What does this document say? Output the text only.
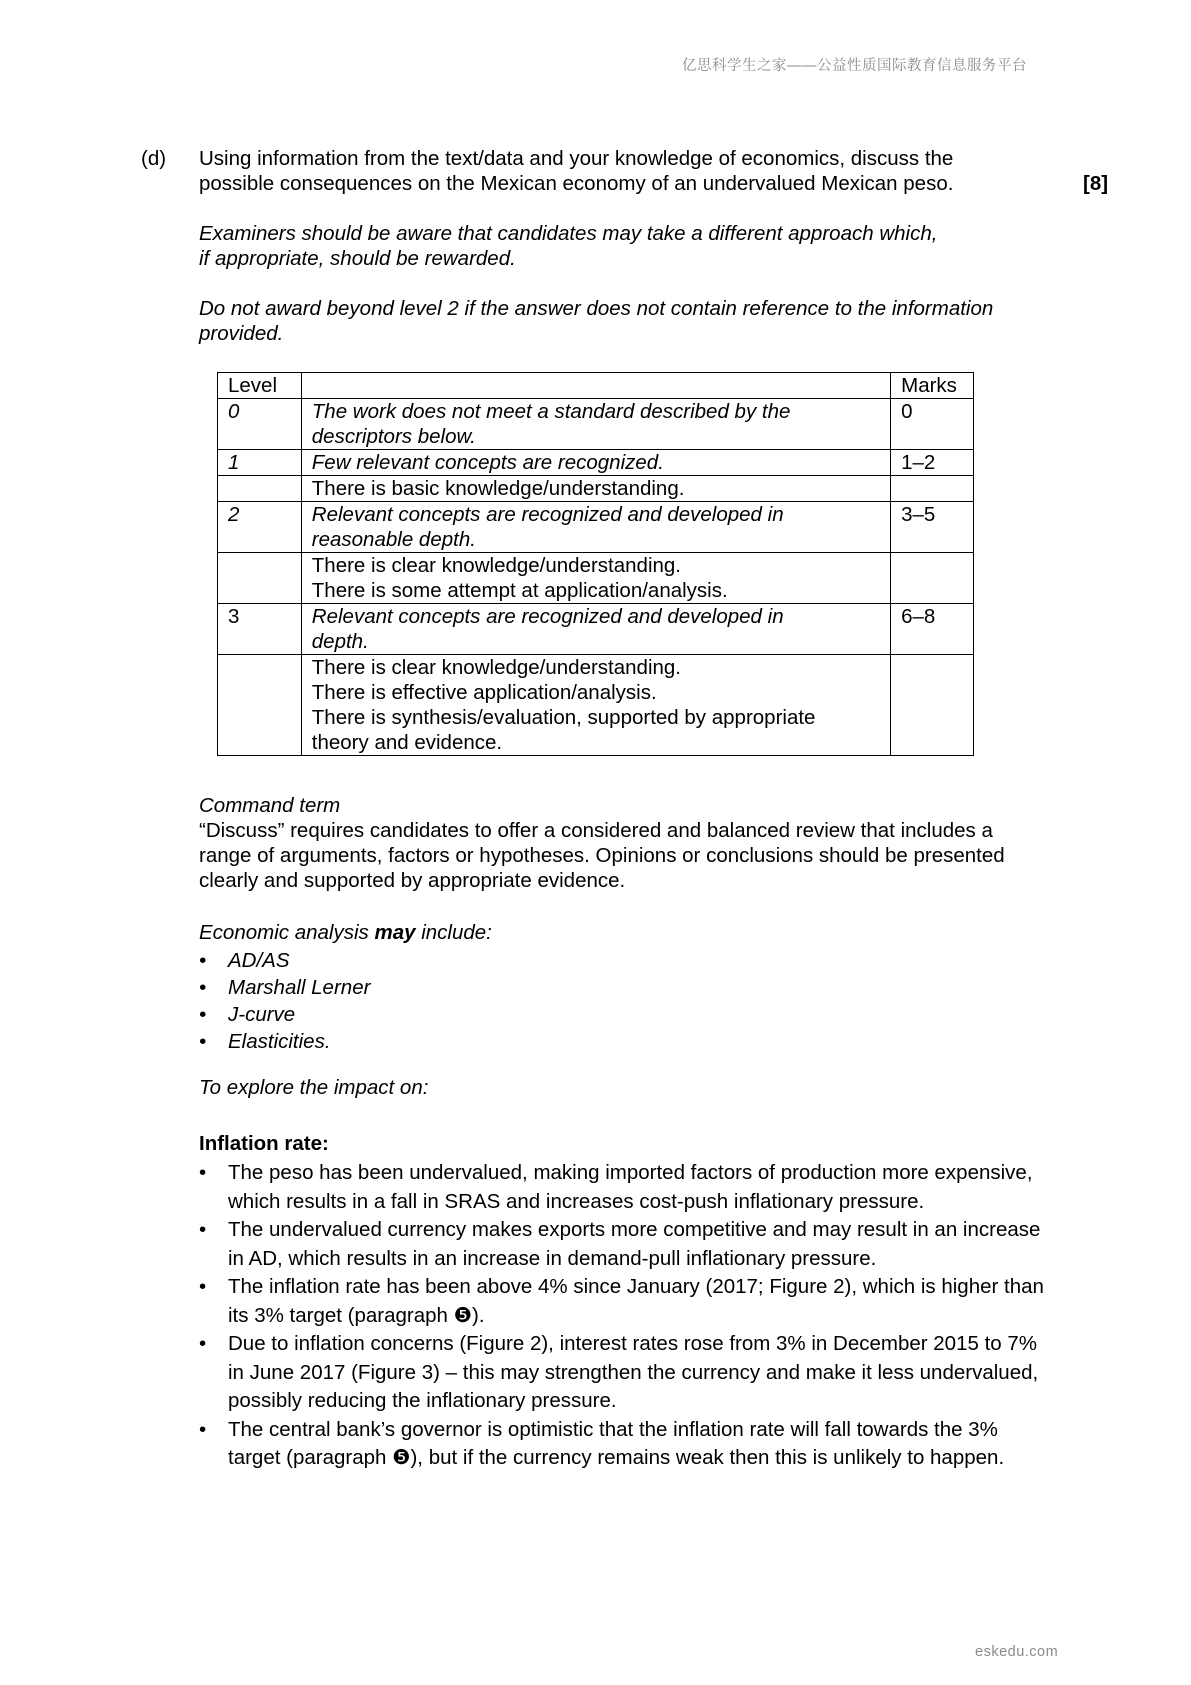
亿思科学生之家——公益性质国际教育信息服务平台
eskedu.com
(d) Using information from the text/data and your knowledge of economics, discuss the
possible consequences on the Mexican economy of an undervalued Mexican peso.	[8]
Examiners should be aware that candidates may take a different approach which,
if appropriate, should be rewarded.
Do not award beyond level 2 if the answer does not contain reference to the information
provided.
Level		Marks
0	The work does not meet a standard described by the
descriptors below.	0
1	Few relevant concepts are recognized.	1–2

	There is basic knowledge/understanding.	

2	Relevant concepts are recognized and developed in
reasonable depth.	3–5

	There is clear knowledge/understanding.
There is some attempt at application/analysis.	

3	Relevant concepts are recognized and developed in
depth.	6–8

	There is clear knowledge/understanding.
There is effective application/analysis.
There is synthesis/evaluation, supported by appropriate
theory and evidence.	

Command term
“Discuss” requires candidates to offer a considered and balanced review that includes a
range of arguments, factors or hypotheses. Opinions or conclusions should be presented
clearly and supported by appropriate evidence.
Economic analysis may include:
• AD/AS
• Marshall Lerner
• J-curve
• Elasticities.
To explore the impact on:
Inflation rate:
• The peso has been undervalued, making imported factors of production more expensive,
which results in a fall in SRAS and increases cost-push inflationary pressure.
• The undervalued currency makes exports more competitive and may result in an increase
in AD, which results in an increase in demand-pull inflationary pressure.
• The inflation rate has been above 4% since January (2017; Figure 2), which is higher than
its 3% target (paragraph ❺).
• Due to inflation concerns (Figure 2), interest rates rose from 3% in December 2015 to 7%
in June 2017 (Figure 3) – this may strengthen the currency and make it less undervalued,
possibly reducing the inflationary pressure.
• The central bank’s governor is optimistic that the inflation rate will fall towards the 3%
target (paragraph ❺), but if the currency remains weak then this is unlikely to happen.
